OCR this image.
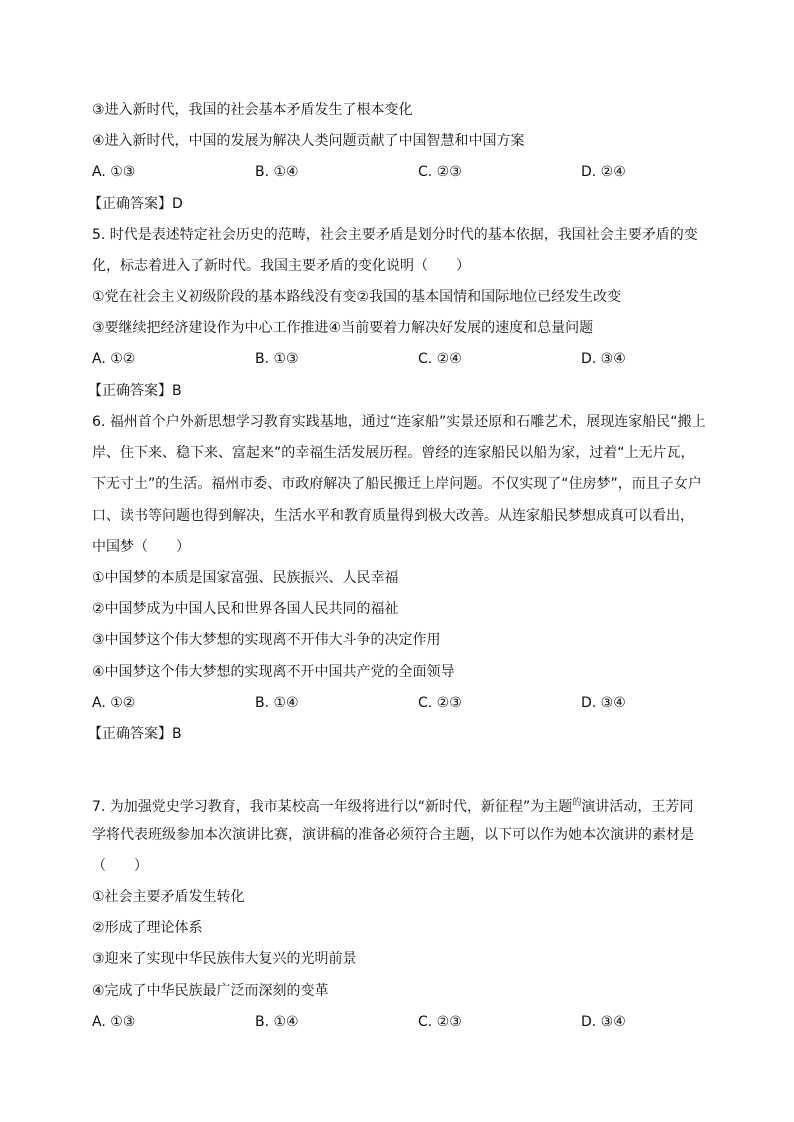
③进入新时代，我国的社会基本矛盾发生了根本变化
④进入新时代，中国的发展为解决人类问题贡献了中国智慧和中国方案
A. ①③	B. ①④	C. ②③	D. ②④
【正确答案】D
5. 时代是表述特定社会历史的范畴，社会主要矛盾是划分时代的基本依据，我国社会主要矛盾的变
化，标志着进入了新时代。我国主要矛盾的变化说明（　　）
①党在社会主义初级阶段的基本路线没有变②我国的基本国情和国际地位已经发生改变
③要继续把经济建设作为中心工作推进④当前要着力解决好发展的速度和总量问题
A. ①②	B. ①③	C. ②④	D. ③④
【正确答案】B
6. 福州首个户外新思想学习教育实践基地，通过“连家船”实景还原和石雕艺术，展现连家船民“搬上
岸、住下来、稳下来、富起来”的幸福生活发展历程。曾经的连家船民以船为家，过着“上无片瓦，
下无寸土”的生活。福州市委、市政府解决了船民搬迁上岸问题。不仅实现了“住房梦”，而且子女户
口、读书等问题也得到解决，生活水平和教育质量得到极大改善。从连家船民梦想成真可以看出，
中国梦（　　）
①中国梦的本质是国家富强、民族振兴、人民幸福
②中国梦成为中国人民和世界各国人民共同的福祉
③中国梦这个伟大梦想的实现离不开伟大斗争的决定作用
④中国梦这个伟大梦想的实现离不开中国共产党的全面领导
A. ①②	B. ①④	C. ②③	D. ③④
【正确答案】B
7. 为加强党史学习教育，我市某校高一年级将进行以“新时代，新征程”为主题$^的$演讲活动，王芳同
学将代表班级参加本次演讲比赛，演讲稿的准备必须符合主题，以下可以作为她本次演讲的素材是
（　　）
①社会主要矛盾发生转化
②形成了理论体系
③迎来了实现中华民族伟大复兴的光明前景
④完成了中华民族最广泛而深刻的变革
A. ①③	B. ①④	C. ②③	D. ③④
